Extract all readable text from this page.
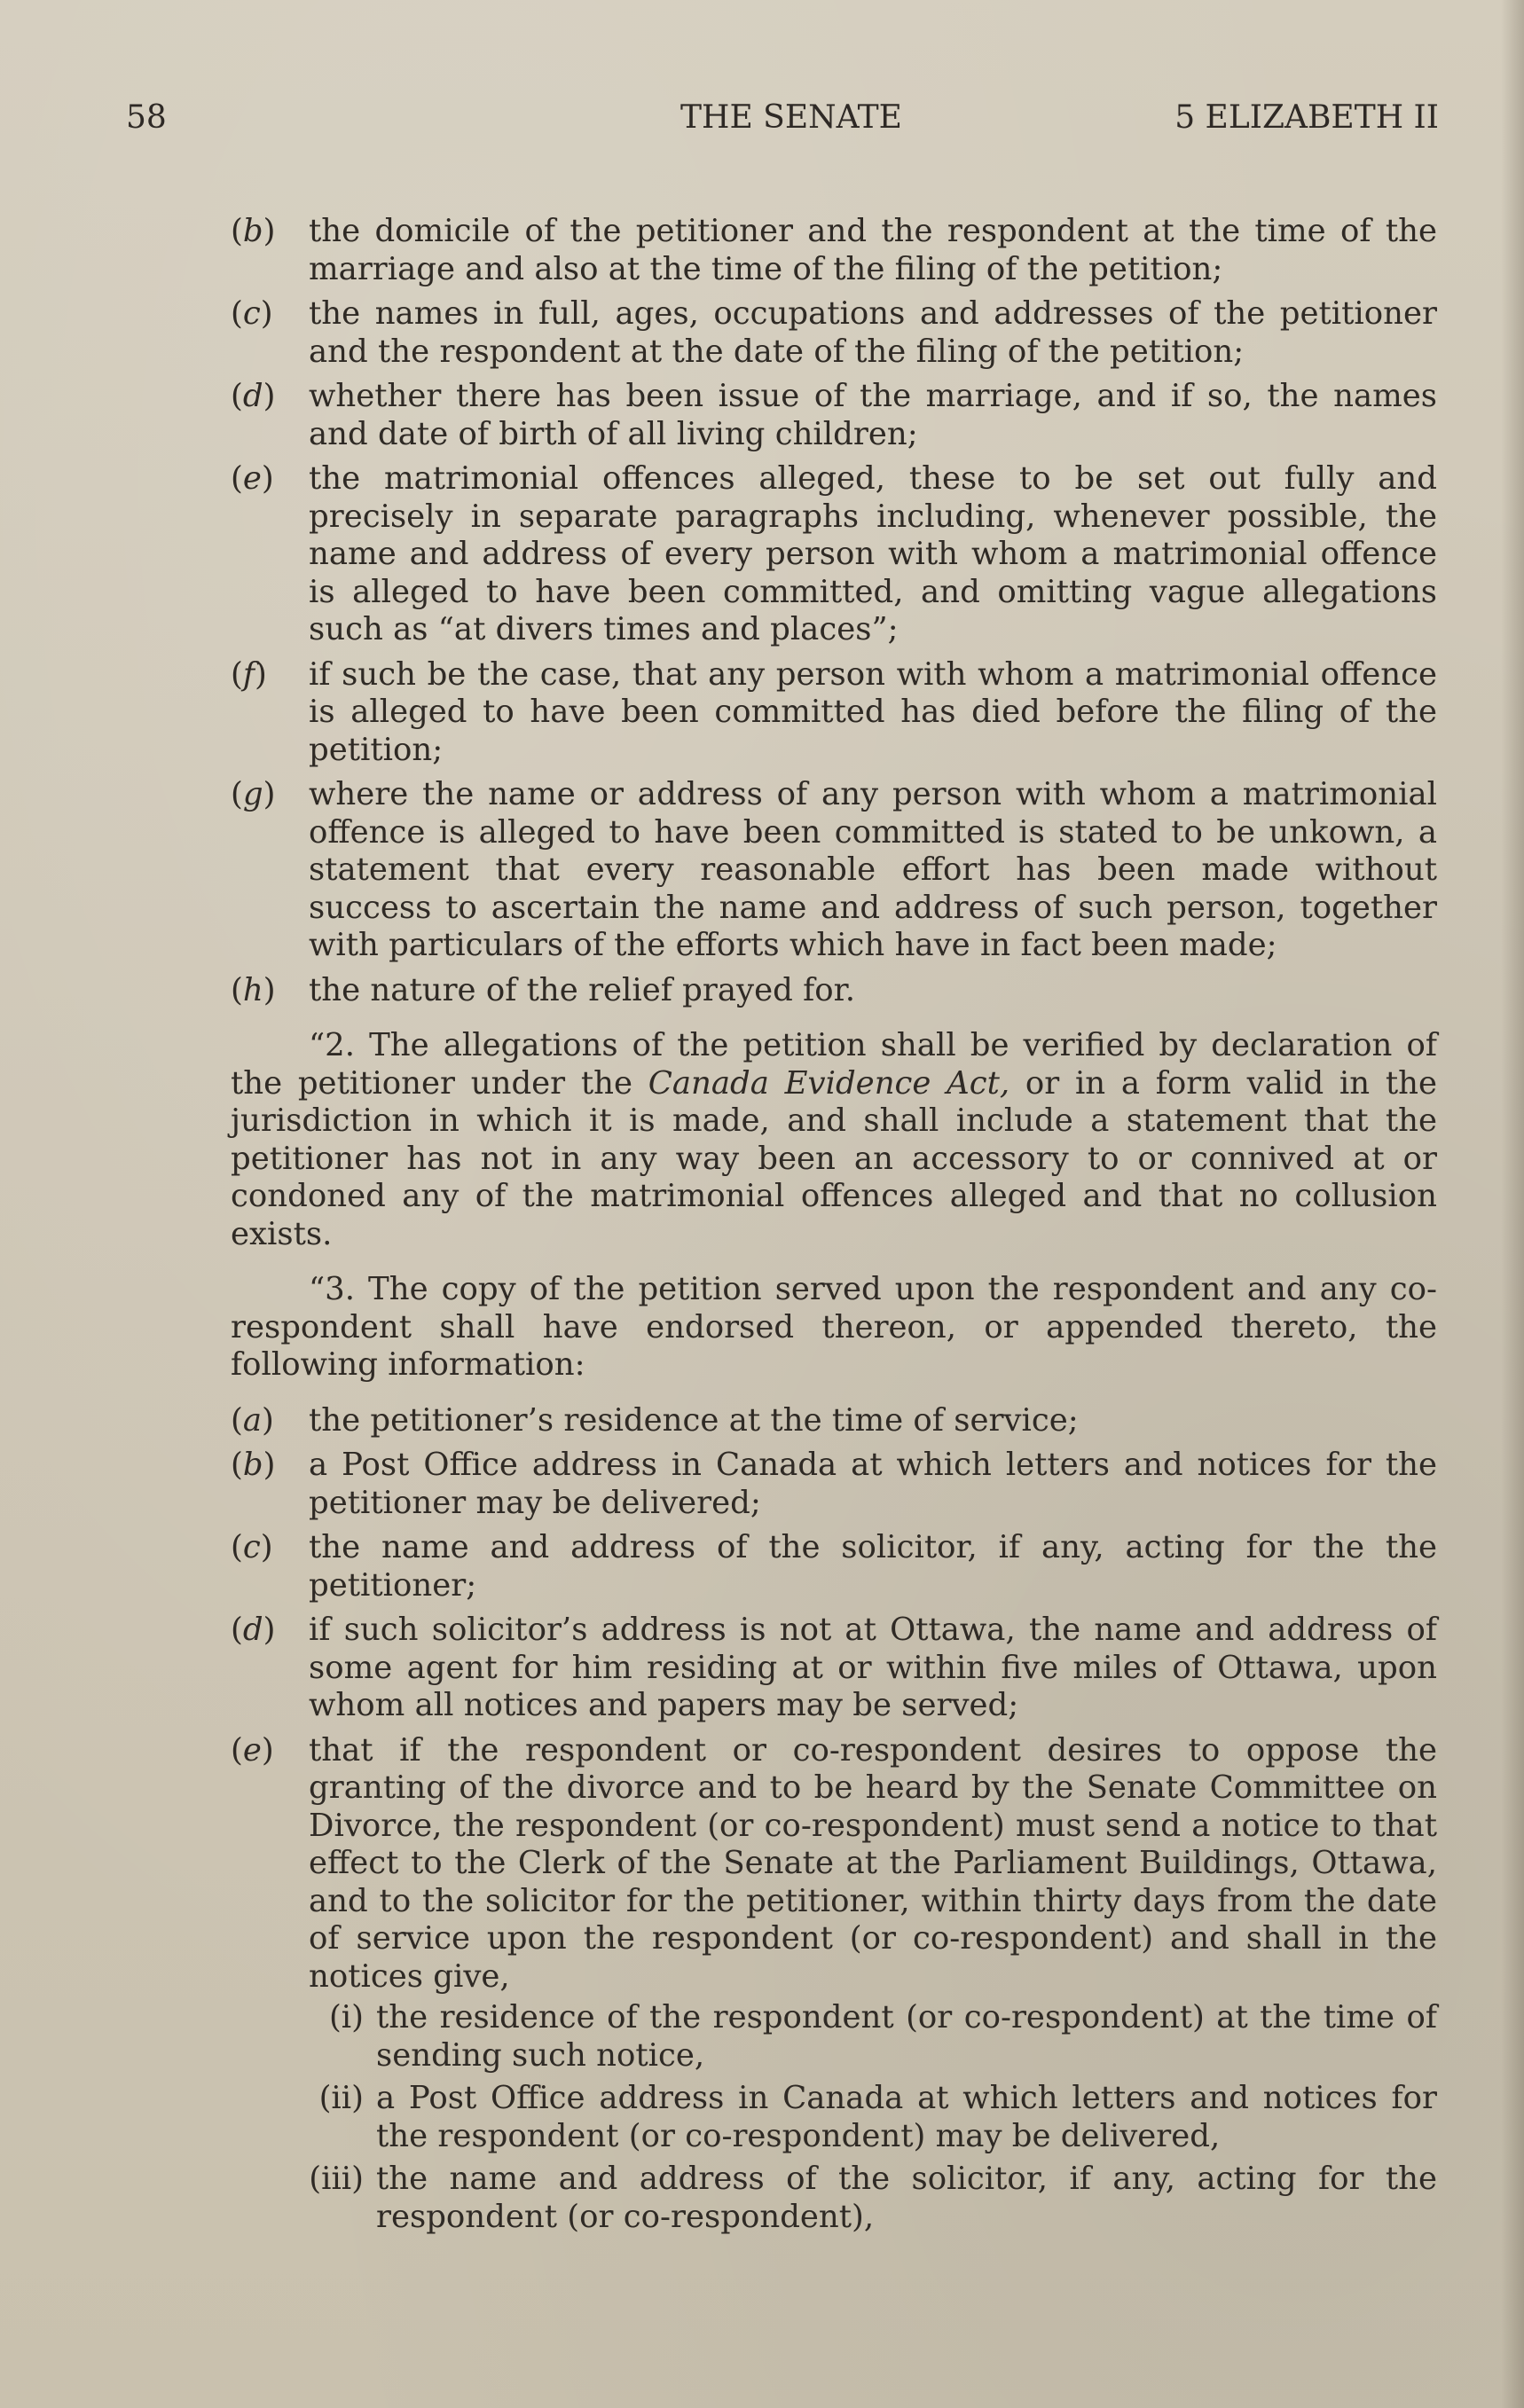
58	THE SENATE	5 ELIZABETH II
(b) the domicile of the petitioner and the respondent at the time of the marriage and also at the time of the filing of the petition;
(c) the names in full, ages, occupations and addresses of the petitioner and the respondent at the date of the filing of the petition;
(d) whether there has been issue of the marriage, and if so, the names and date of birth of all living children;
(e) the matrimonial offences alleged, these to be set out fully and precisely in separate paragraphs including, whenever possible, the name and address of every person with whom a matrimonial offence is alleged to have been committed, and omitting vague allegations such as “at divers times and places”;
(f) if such be the case, that any person with whom a matrimonial offence is alleged to have been committed has died before the filing of the petition;
(g) where the name or address of any person with whom a matrimonial offence is alleged to have been committed is stated to be unkown, a statement that every reasonable effort has been made without success to ascertain the name and address of such person, together with particulars of the efforts which have in fact been made;
(h) the nature of the relief prayed for.

“2. The allegations of the petition shall be verified by declaration of the petitioner under the Canada Evidence Act, or in a form valid in the jurisdiction in which it is made, and shall include a statement that the petitioner has not in any way been an accessory to or connived at or condoned any of the matrimonial offences alleged and that no collusion exists.

“3. The copy of the petition served upon the respondent and any co-respondent shall have endorsed thereon, or appended thereto, the following information:

(a) the petitioner’s residence at the time of service;
(b) a Post Office address in Canada at which letters and notices for the petitioner may be delivered;
(c) the name and address of the solicitor, if any, acting for the the petitioner;
(d) if such solicitor’s address is not at Ottawa, the name and address of some agent for him residing at or within five miles of Ottawa, upon whom all notices and papers may be served;
(e) that if the respondent or co-respondent desires to oppose the granting of the divorce and to be heard by the Senate Committee on Divorce, the respondent (or co-respondent) must send a notice to that effect to the Clerk of the Senate at the Parliament Buildings, Ottawa, and to the solicitor for the petitioner, within thirty days from the date of service upon the respondent (or co-respondent) and shall in the notices give,
(i) the residence of the respondent (or co-respondent) at the time of sending such notice,
(ii) a Post Office address in Canada at which letters and notices for the respondent (or co-respondent) may be delivered,
(iii) the name and address of the solicitor, if any, acting for the respondent (or co-respondent),
